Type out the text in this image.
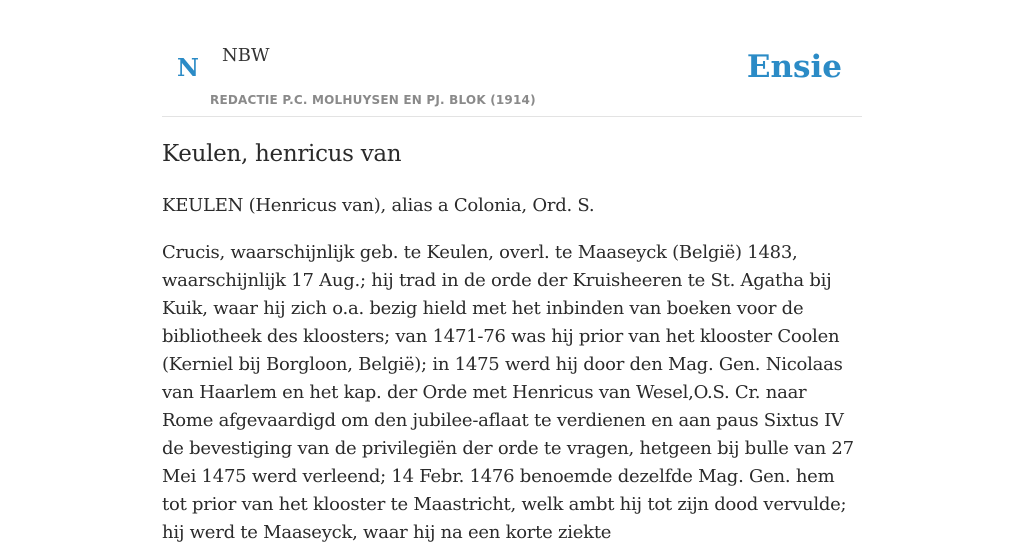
N NBW
REDACTIE P.C. MOLHUYSEN EN PJ. BLOK (1914)
Ensie
Keulen, henricus van

KEULEN (Henricus van), alias a Colonia, Ord. S.

Crucis, waarschijnlijk geb. te Keulen, overl. te Maaseyck (België) 1483, waarschijnlijk 17 Aug.; hij trad in de orde der Kruisheeren te St. Agatha bij Kuik, waar hij zich o.a. bezig hield met het inbinden van boeken voor de bibliotheek des kloosters; van 1471-76 was hij prior van het klooster Coolen (Kerniel bij Borgloon, België); in 1475 werd hij door den Mag. Gen. Nicolaas van Haarlem en het kap. der Orde met Henricus van Wesel,O.S. Cr. naar Rome afgevaardigd om den jubilee-aflaat te verdienen en aan paus Sixtus IV de bevestiging van de privilegiën der orde te vragen, hetgeen bij bulle van 27 Mei 1475 werd verleend; 14 Febr. 1476 benoemde dezelfde Mag. Gen. hem tot prior van het klooster te Maastricht, welk ambt hij tot zijn dood vervulde; hij werd te Maaseyck, waar hij na een korte ziekte
